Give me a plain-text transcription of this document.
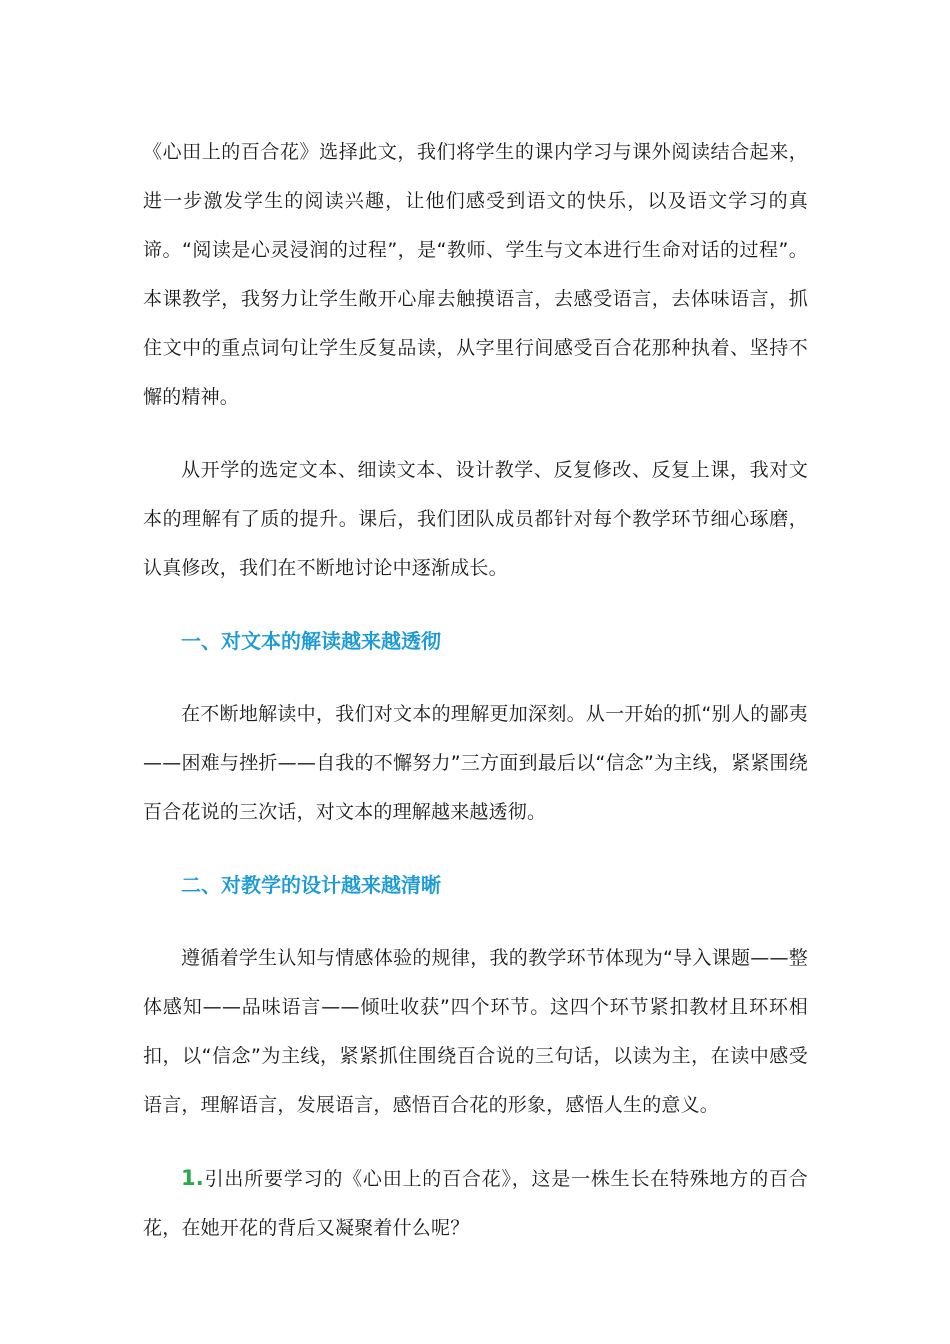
《心田上的百合花》选择此文，我们将学生的课内学习与课外阅读结合起来，进一步激发学生的阅读兴趣，让他们感受到语文的快乐，以及语文学习的真谛。“阅读是心灵浸润的过程”，是“教师、学生与文本进行生命对话的过程”。本课教学，我努力让学生敞开心扉去触摸语言，去感受语言，去体味语言，抓住文中的重点词句让学生反复品读，从字里行间感受百合花那种执着、坚持不懈的精神。

从开学的选定文本、细读文本、设计教学、反复修改、反复上课，我对文本的理解有了质的提升。课后，我们团队成员都针对每个教学环节细心琢磨，认真修改，我们在不断地讨论中逐渐成长。

一、对文本的解读越来越透彻

在不断地解读中，我们对文本的理解更加深刻。从一开始的抓“别人的鄙夷——困难与挫折——自我的不懈努力”三方面到最后以“信念”为主线，紧紧围绕百合花说的三次话，对文本的理解越来越透彻。

二、对教学的设计越来越清晰

遵循着学生认知与情感体验的规律，我的教学环节体现为“导入课题——整体感知——品味语言——倾吐收获”四个环节。这四个环节紧扣教材且环环相扣，以“信念”为主线，紧紧抓住围绕百合说的三句话，以读为主，在读中感受语言，理解语言，发展语言，感悟百合花的形象，感悟人生的意义。

1.引出所要学习的《心田上的百合花》，这是一株生长在特殊地方的百合花，在她开花的背后又凝聚着什么呢？
